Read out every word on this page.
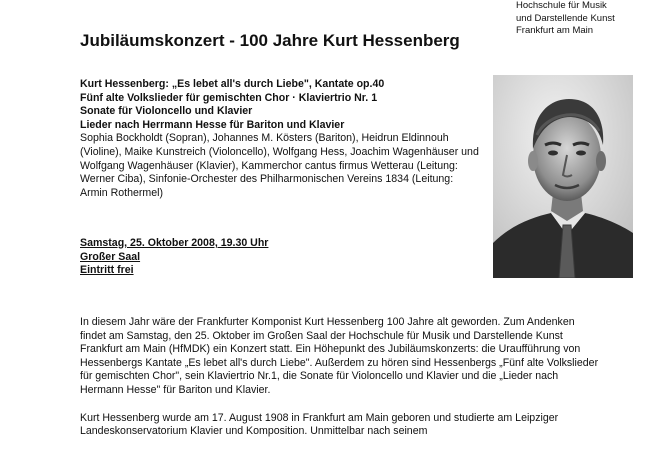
Hochschule für Musik
und Darstellende Kunst
Frankfurt am Main
Jubiläumskonzert - 100 Jahre Kurt Hessenberg
Kurt Hessenberg: „Es lebet all's durch Liebe", Kantate op.40
Fünf alte Volkslieder für gemischten Chor · Klaviertrio Nr. 1
Sonate für Violoncello und Klavier
Lieder nach Herrmann Hesse für Bariton und Klavier
Sophia Bockholdt (Sopran), Johannes M. Kösters (Bariton), Heidrun Eldinnouh (Violine), Maike Kunstreich (Violoncello), Wolfgang Hess, Joachim Wagenhäuser und Wolfgang Wagenhäuser (Klavier), Kammerchor cantus firmus Wetterau (Leitung: Werner Ciba), Sinfonie-Orchester des Philharmonischen Vereins 1834 (Leitung: Armin Rothermel)
Samstag, 25. Oktober 2008, 19.30 Uhr
Großer Saal
Eintritt frei

In diesem Jahr wäre der Frankfurter Komponist Kurt Hessenberg 100 Jahre alt geworden. Zum Andenken findet am Samstag, den 25. Oktober im Großen Saal der Hochschule für Musik und Darstellende Kunst Frankfurt am Main (HfMDK) ein Konzert statt. Ein Höhepunkt des Jubiläumskonzerts: die Uraufführung von Hessenbergs Kantate „Es lebet all's durch Liebe". Außerdem zu hören sind Hessenbergs „Fünf alte Volkslieder für gemischten Chor", sein Klaviertrio Nr.1, die Sonate für Violoncello und Klavier und die „Lieder nach Hermann Hesse" für Bariton und Klavier.

Kurt Hessenberg wurde am 17. August 1908 in Frankfurt am Main geboren und studierte am Leipziger Landeskonservatorium Klavier und Komposition. Unmittelbar nach seinem
